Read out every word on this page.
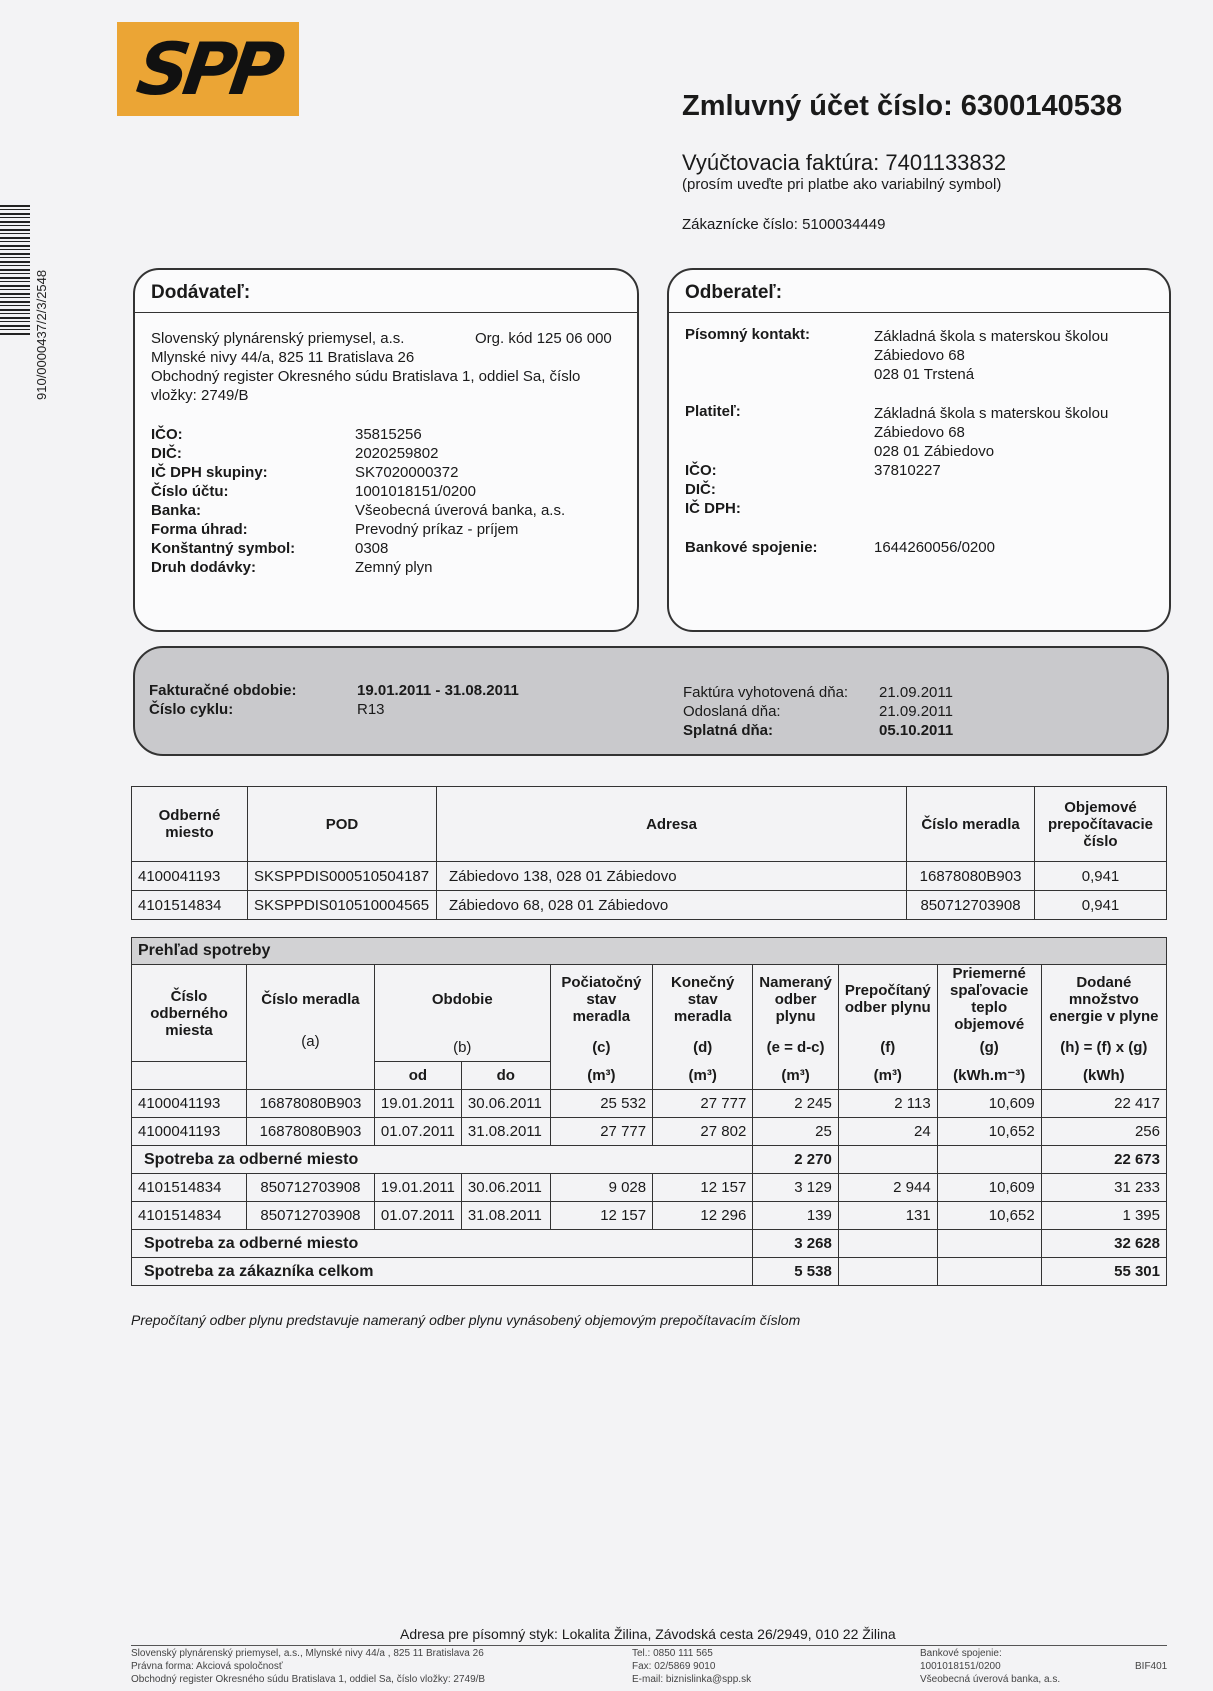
SPP
910/0000437/2/3/2548
Zmluvný účet číslo: 6300140538
Vyúčtovacia faktúra: 7401133832
(prosím uveďte pri platbe ako variabilný symbol)
Zákaznícke číslo: 5100034449
Dodávateľ:
Slovenský plynárenský priemysel, a.s.	Org. kód 125 06 000
Mlynské nivy 44/a, 825 11 Bratislava 26
Obchodný register Okresného súdu Bratislava 1, oddiel Sa, číslo
vložky: 2749/B
IČO:	35815256
DIČ:	2020259802
IČ DPH skupiny:	SK7020000372
Číslo účtu:	1001018151/0200
Banka:	Všeobecná úverová banka, a.s.
Forma úhrad:	Prevodný príkaz - príjem
Konštantný symbol:	0308
Druh dodávky:	Zemný plyn
Odberateľ:
Písomný kontakt:	Základná škola s materskou školou
Zábiedovo 68
028 01 Trstená
Platiteľ:	Základná škola s materskou školou
Zábiedovo 68
028 01 Zábiedovo
IČO:	37810227
DIČ:
IČ DPH:
Bankové spojenie:	1644260056/0200
Fakturačné obdobie:	19.01.2011 - 31.08.2011
Číslo cyklu:	R13
Faktúra vyhotovená dňa: 21.09.2011
Odoslaná dňa:	21.09.2011
Splatná dňa:	05.10.2011
Odberné miesto	POD	Adresa	Číslo meradla	Objemové prepočítavacie číslo
4100041193	SKSPPDIS000510504187	Zábiedovo 138, 028 01 Zábiedovo	16878080B903	0,941
4101514834	SKSPPDIS010510004565	Zábiedovo 68, 028 01 Zábiedovo	850712703908	0,941
Prehľad spotreby									
Číslo odberného miesta	Číslo meradla	Obdobie		Počiatočný stav meradla	Konečný stav meradla	Nameraný odber plynu	Prepočítaný odber plynu	Priemerné spaľovacie teplo objemové	Dodané množstvo energie v plyne
	(a)	(b)		(c)	(d)	(e = d-c)	(f)	(g)	(h) = (f) x (g)
		od	do	(m³)	(m³)	(m³)	(m³)	(kWh.m⁻³)	(kWh)
4100041193	16878080B903	19.01.2011	30.06.2011	25 532	27 777	2 245	2 113	10,609	22 417
4100041193	16878080B903	01.07.2011	31.08.2011	27 777	27 802	25	24	10,652	256
Spotreba za odberné miesto						2 270			22 673
4101514834	850712703908	19.01.2011	30.06.2011	9 028	12 157	3 129	2 944	10,609	31 233
4101514834	850712703908	01.07.2011	31.08.2011	12 157	12 296	139	131	10,652	1 395
Spotreba za odberné miesto						3 268			32 628
Spotreba za zákazníka celkom						5 538			55 301
Prepočítaný odber plynu predstavuje nameraný odber plynu vynásobený objemovým prepočítavacím číslom
Adresa pre písomný styk: Lokalita Žilina, Závodská cesta 26/2949, 010 22 Žilina
Slovenský plynárenský priemysel, a.s., Mlynské nivy 44/a , 825 11 Bratislava 26
Právna forma: Akciová spoločnosť
Obchodný register Okresného súdu Bratislava 1, oddiel Sa, číslo vložky: 2749/B
Tel.: 0850 111 565
Fax: 02/5869 9010
E-mail: biznislinka@spp.sk
Bankové spojenie:
1001018151/0200
Všeobecná úverová banka, a.s.
BIF401
